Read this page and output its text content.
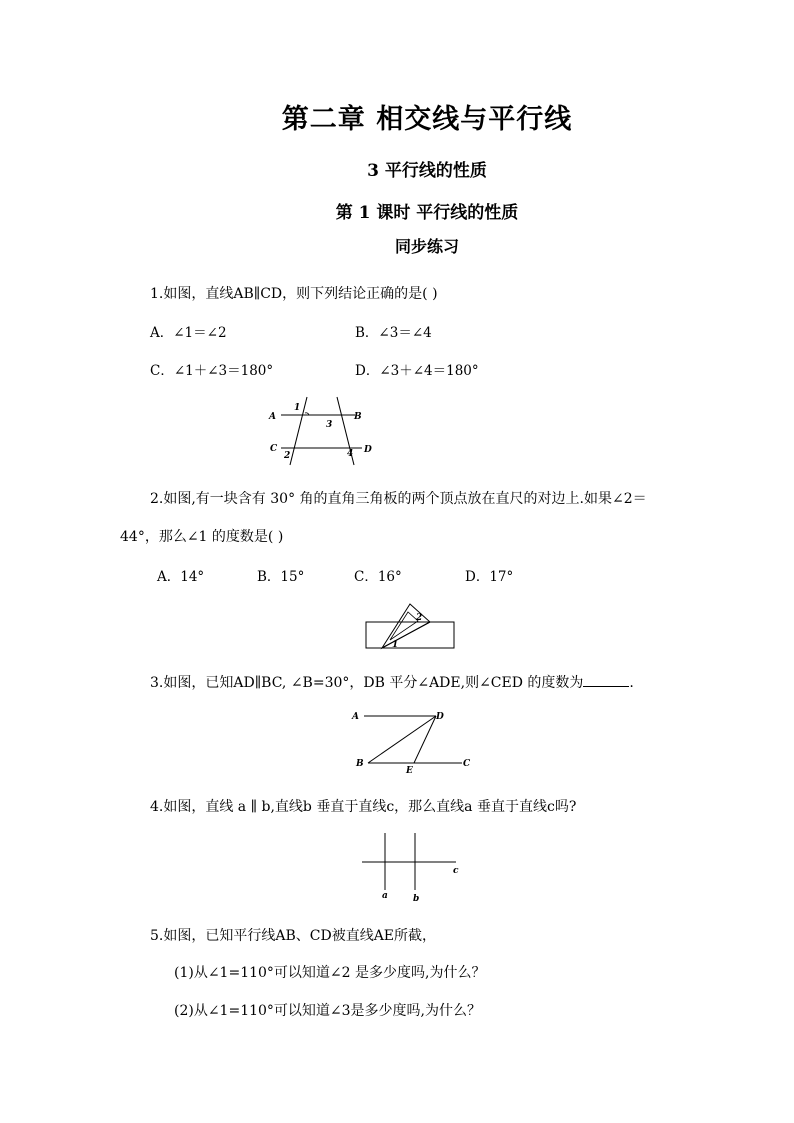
第二章 相交线与平行线
3 平行线的性质
第 1 课时 平行线的性质
同步练习
1.如图，直线AB∥CD，则下列结论正确的是( )
A．∠1＝∠2	B．∠3＝∠4
C．∠1＋∠3＝180°	D．∠3＋∠4＝180°
A	B
C	D
1
2
3
4
2.如图,有一块含有 30° 角的直角三角板的两个顶点放在直尺的对边上.如果∠2＝
44°，那么∠1 的度数是( )
A．14°	B．15°	C．16°	D．17°
2
1
3.如图，已知AD∥BC, ∠B=30°，DB 平分∠ADE,则∠CED 的度数为	.
A	D
B
E
C
4.如图，直线 a ∥ b,直线b 垂直于直线c，那么直线a 垂直于直线c吗?
a	b
c
5.如图，已知平行线AB、CD被直线AE所截，
(1)从∠1=110°可以知道∠2 是多少度吗,为什么？
(2)从∠1=110°可以知道∠3是多少度吗,为什么？
